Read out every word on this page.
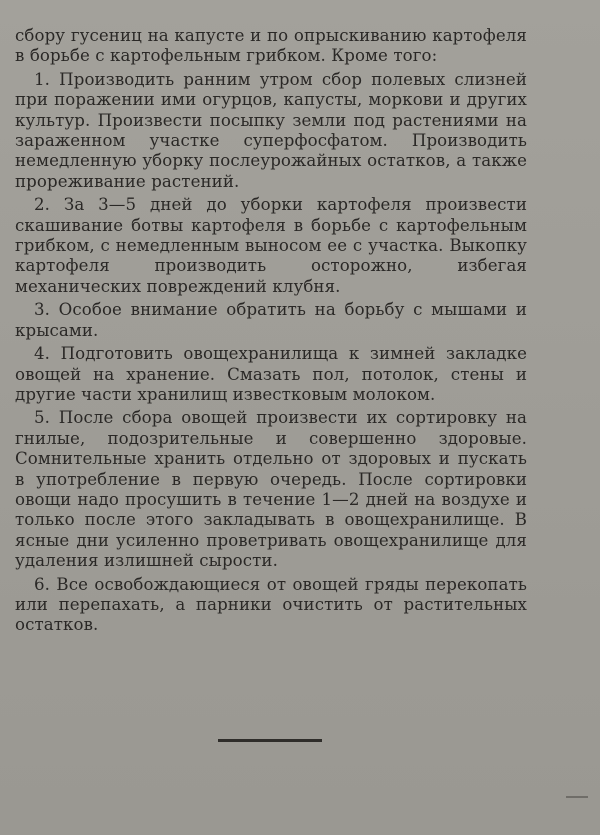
сбору гусениц на капусте и по опрыскиванию картофеля в борьбе с картофельным грибком. Кроме того:

1. Производить ранним утром сбор полевых слизней при поражении ими огурцов, капусты, моркови и других культур. Произвести посыпку земли под растениями на зараженном участке суперфосфатом. Производить немедленную уборку послеурожайных остатков, а также прореживание растений.

2. За 3—5 дней до уборки картофеля произвести скашивание ботвы картофеля в борьбе с картофельным грибком, с немедленным выносом ее с участка. Выкопку картофеля производить осторожно, избегая механических повреждений клубня.

3. Особое внимание обратить на борьбу с мышами и крысами.

4. Подготовить овощехранилища к зимней закладке овощей на хранение. Смазать пол, потолок, стены и другие части хранилищ известковым молоком.

5. После сбора овощей произвести их сортировку на гнилые, подозрительные и совершенно здоровые. Сомнительные хранить отдельно от здоровых и пускать в употребление в первую очередь. После сортировки овощи надо просушить в течение 1—2 дней на воздухе и только после этого закладывать в овощехранилище. В ясные дни усиленно проветривать овощехранилище для удаления излишней сырости.

6. Все освобождающиеся от овощей гряды перекопать или перепахать, а парники очистить от растительных остатков.
